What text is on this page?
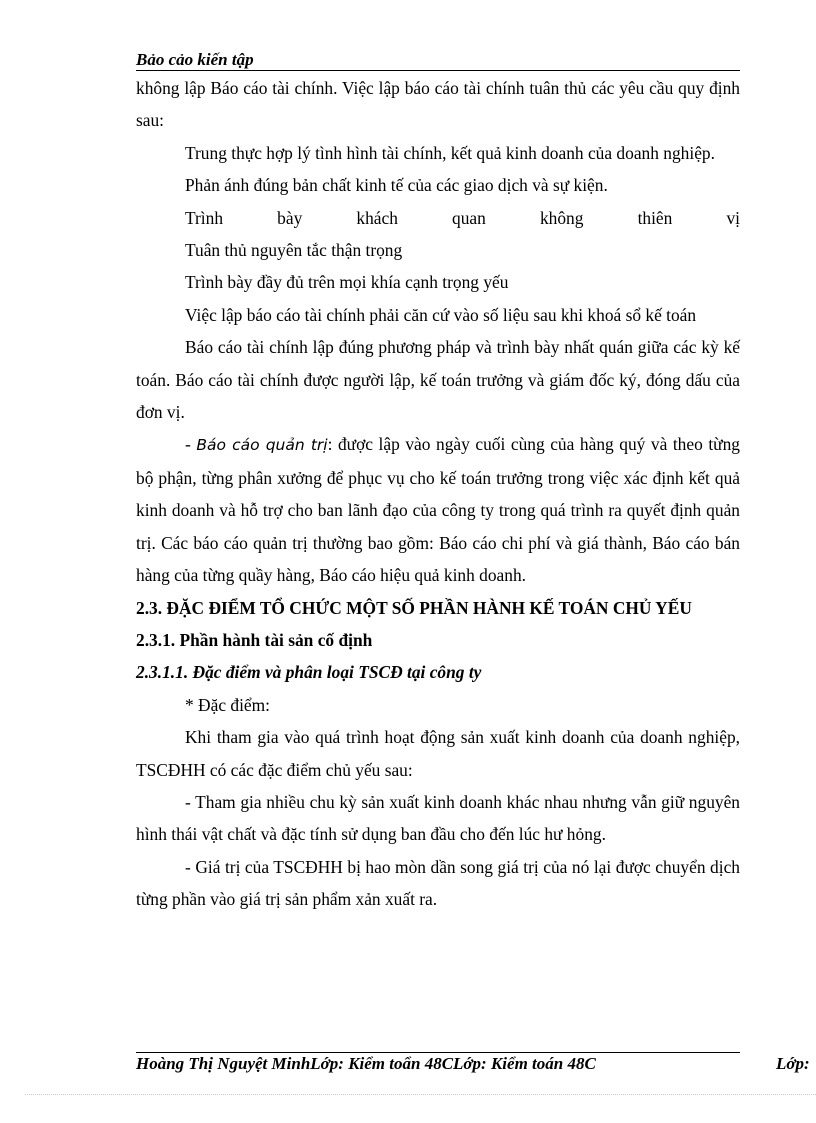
Bảo cảo kiến tập

không lập Báo cáo tài chính. Việc lập báo cáo tài chính tuân thủ các yêu cầu quy định sau:

Trung thực hợp lý tình hình tài chính, kết quả kinh doanh của doanh nghiệp.

Phản ánh đúng bản chất kinh tế của các giao dịch và sự kiện.

Trình bày khách quan không thiên vị

Tuân thủ nguyên tắc thận trọng

Trình bày đầy đủ trên mọi khía cạnh trọng yếu

Việc lập báo cáo tài chính phải căn cứ vào số liệu sau khi khoá sổ kế toán

Báo cáo tài chính lập đúng phương pháp và trình bày nhất quán giữa các kỳ kế toán. Báo cáo tài chính được người lập, kế toán trưởng và giám đốc ký, đóng dấu của đơn vị.

- Báo cáo quản trị: được lập vào ngày cuối cùng của hàng quý và theo từng bộ phận, từng phân xưởng để phục vụ cho kế toán trưởng trong việc xác định kết quả kinh doanh và hỗ trợ cho ban lãnh đạo của công ty trong quá trình ra quyết định quản trị. Các báo cáo quản trị thường bao gồm: Báo cáo chi phí và giá thành, Báo cáo bán hàng của từng quầy hàng, Báo cáo hiệu quả kinh doanh.

2.3. ĐẶC ĐIỂM TỔ CHỨC MỘT SỐ PHẦN HÀNH KẾ TOÁN CHỦ YẾU

2.3.1. Phần hành tài sản cố định

2.3.1.1. Đặc điểm và phân loại TSCĐ tại công ty

* Đặc điểm:

Khi tham gia vào quá trình hoạt động sản xuất kinh doanh của doanh nghiệp, TSCĐHH có các đặc điểm chủ yếu sau:

- Tham gia nhiều chu kỳ sản xuất kinh doanh khác nhau nhưng vẫn giữ nguyên hình thái vật chất và đặc tính sử dụng ban đầu cho đến lúc hư hỏng.

- Giá trị của TSCĐHH bị hao mòn dần song giá trị của nó lại được chuyển dịch từng phần vào giá trị sản phẩm xản xuất ra.

Hoàng Thị Nguyệt MinhLớp: Kiểm toẩn 48CLớp: Kiểm toán 48C	Lớp:
